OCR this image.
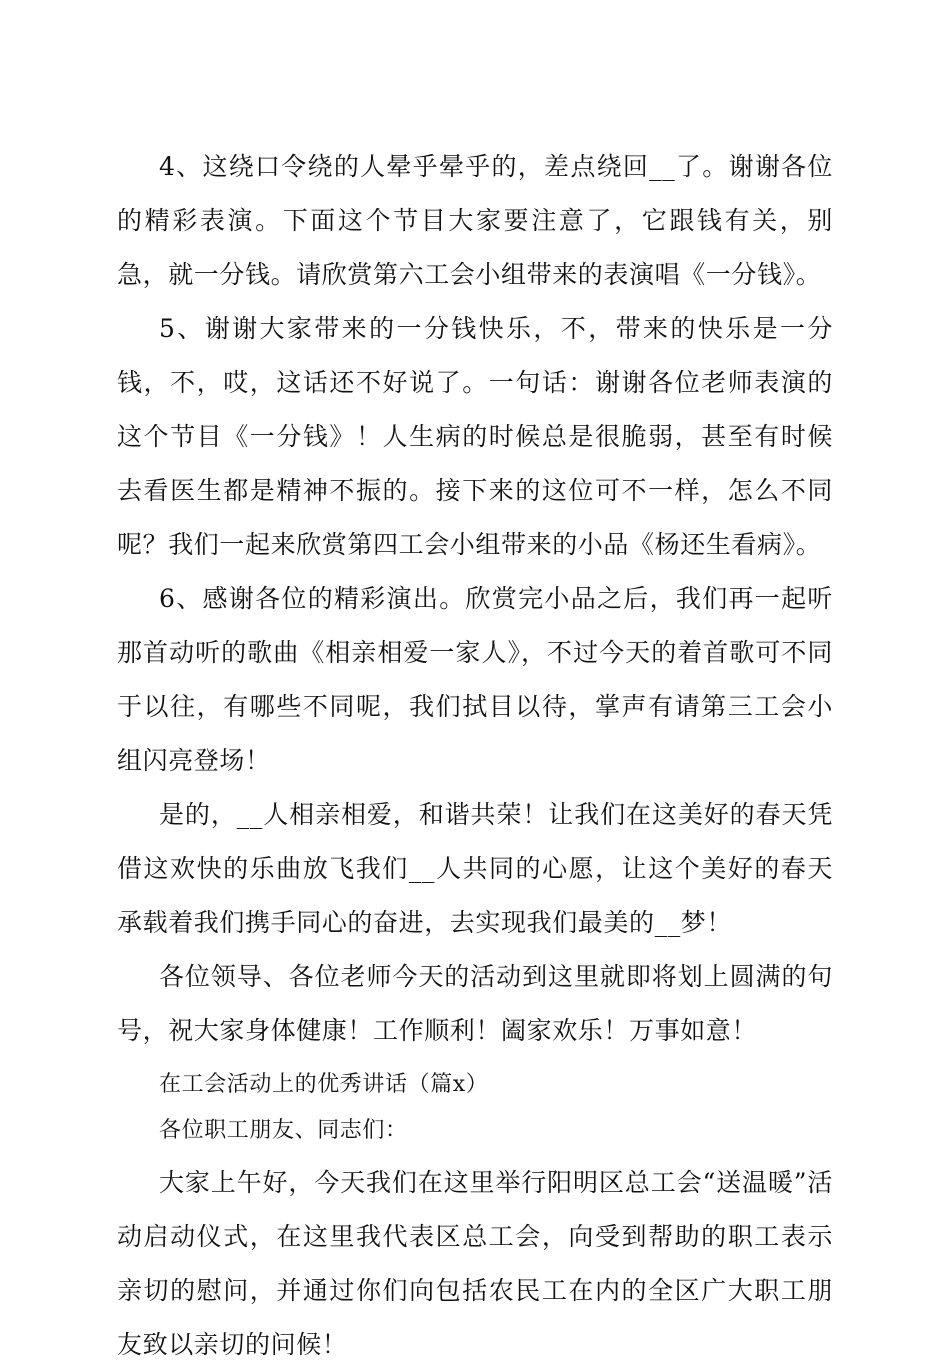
4、这绕口令绕的人晕乎晕乎的，差点绕回__了。谢谢各位的精彩表演。下面这个节目大家要注意了，它跟钱有关，别急，就一分钱。请欣赏第六工会小组带来的表演唱《一分钱》。

5、谢谢大家带来的一分钱快乐，不，带来的快乐是一分钱，不，哎，这话还不好说了。一句话：谢谢各位老师表演的这个节目《一分钱》！人生病的时候总是很脆弱，甚至有时候去看医生都是精神不振的。接下来的这位可不一样，怎么不同呢？我们一起来欣赏第四工会小组带来的小品《杨还生看病》。

6、感谢各位的精彩演出。欣赏完小品之后，我们再一起听那首动听的歌曲《相亲相爱一家人》，不过今天的着首歌可不同于以往，有哪些不同呢，我们拭目以待，掌声有请第三工会小组闪亮登场！

是的，__人相亲相爱，和谐共荣！让我们在这美好的春天凭借这欢快的乐曲放飞我们__人共同的心愿，让这个美好的春天承载着我们携手同心的奋进，去实现我们最美的__梦！

各位领导、各位老师今天的活动到这里就即将划上圆满的句号，祝大家身体健康！工作顺利！阖家欢乐！万事如意！

在工会活动上的优秀讲话（篇x）

各位职工朋友、同志们：

大家上午好，今天我们在这里举行阳明区总工会“送温暖”活动启动仪式，在这里我代表区总工会，向受到帮助的职工表示亲切的慰问，并通过你们向包括农民工在内的全区广大职工朋友致以亲切的问候！
